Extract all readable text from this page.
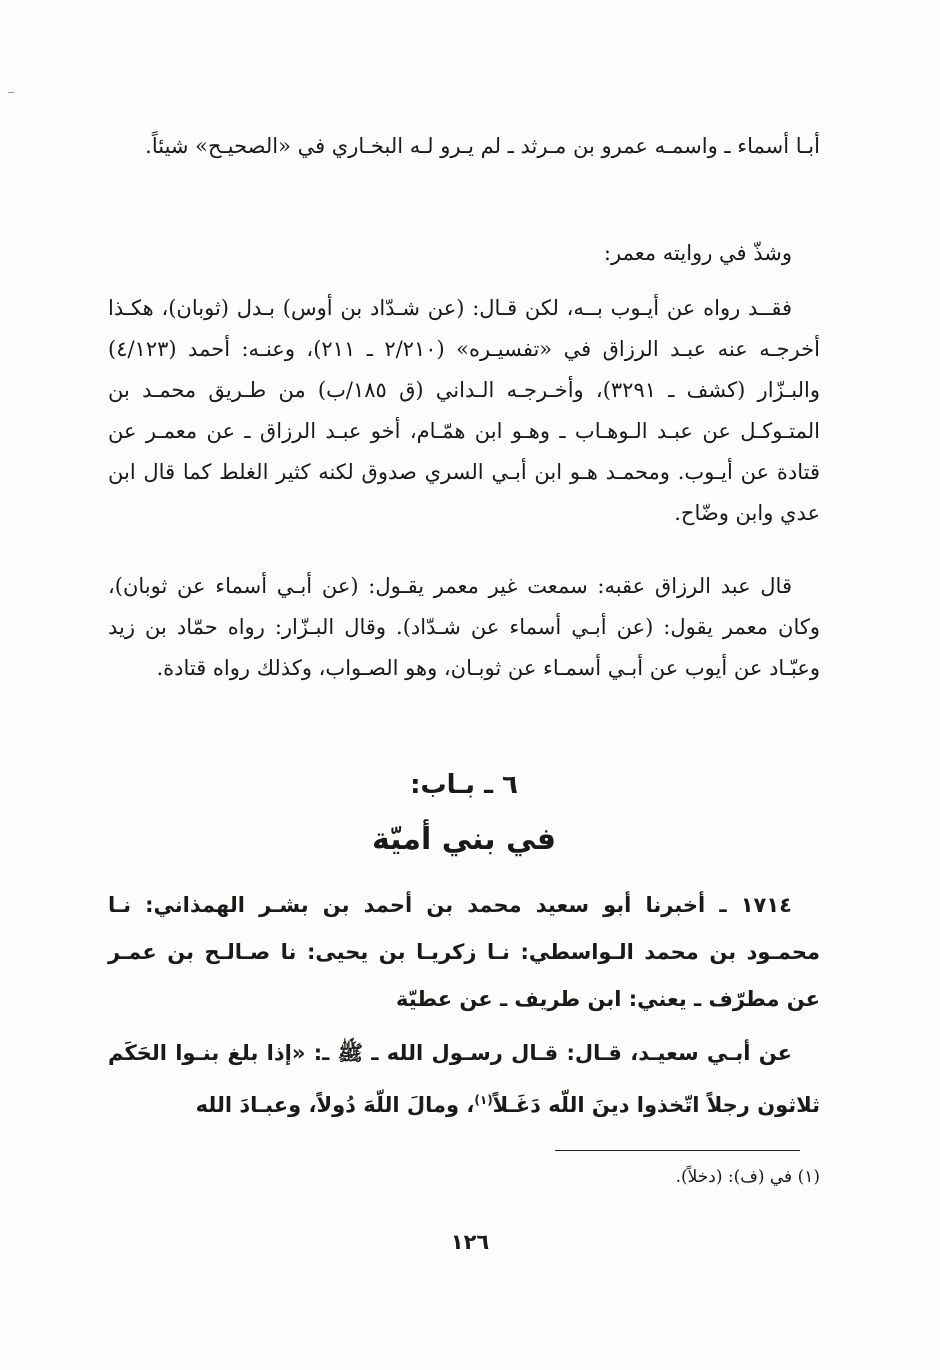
أبـا أسماء ـ واسمـه عمرو بن مـرثد ـ لم يـرو لـه البخـاري في «الصحيـح» شيئاً.

وشذّ في روايته معمر:

فقــد رواه عن أيـوب بــه، لكن قـال: (عن شـدّاد بن أوس) بـدل (ثوبان)، هكـذا أخرجـه عنه عبـد الرزاق في «تفسيـره» (٢/٢١٠ ـ ٢١١)، وعنـه: أحمد (٤/١٢٣) والبـزّار (كشف ـ ٣٢٩١)، وأخـرجـه الـداني (ق ١٨٥/ب) من طـريق محمـد بن المتـوكـل عن عبـد الـوهـاب ـ وهـو ابن همّـام، أخو عبـد الرزاق ـ عن معمـر عن قتادة عن أيـوب. ومحمـد هـو ابن أبـي السري صدوق لكنه كثير الغلط كما قال ابن عدي وابن وضّاح.

قال عبد الرزاق عقبه: سمعت غير معمر يقـول: (عن أبـي أسماء عن ثوبان)، وكان معمر يقول: (عن أبـي أسماء عن شـدّاد). وقال البـزّار: رواه حمّاد بن زيد وعبّـاد عن أيوب عن أبـي أسمـاء عن ثوبـان، وهو الصـواب، وكذلك رواه قتادة.

٦ ـ بـاب:
في بني أميّة

١٧١٤ ـ أخبرنا أبو سعيد محمد بن أحمد بن بشـر الهمذاني: نـا محمـود بن محمد الـواسطي: نـا زكريـا بن يحيى: نا صـالـح بن عمـر عن مطرّف ـ يعني: ابن طريف ـ عن عطيّة

عن أبـي سعيـد، قـال: قـال رسـول الله ـ ﷺ ـ: «إذا بلغ بنـوا الحَكَم ثلاثون رجلاً اتّخذوا دينَ اللّه دَغَـلاً$^{(١)}$، ومالَ اللّهَ دُولاً، وعبـادَ الله

(١) في (ف): (دخلاً).
١٢٦
